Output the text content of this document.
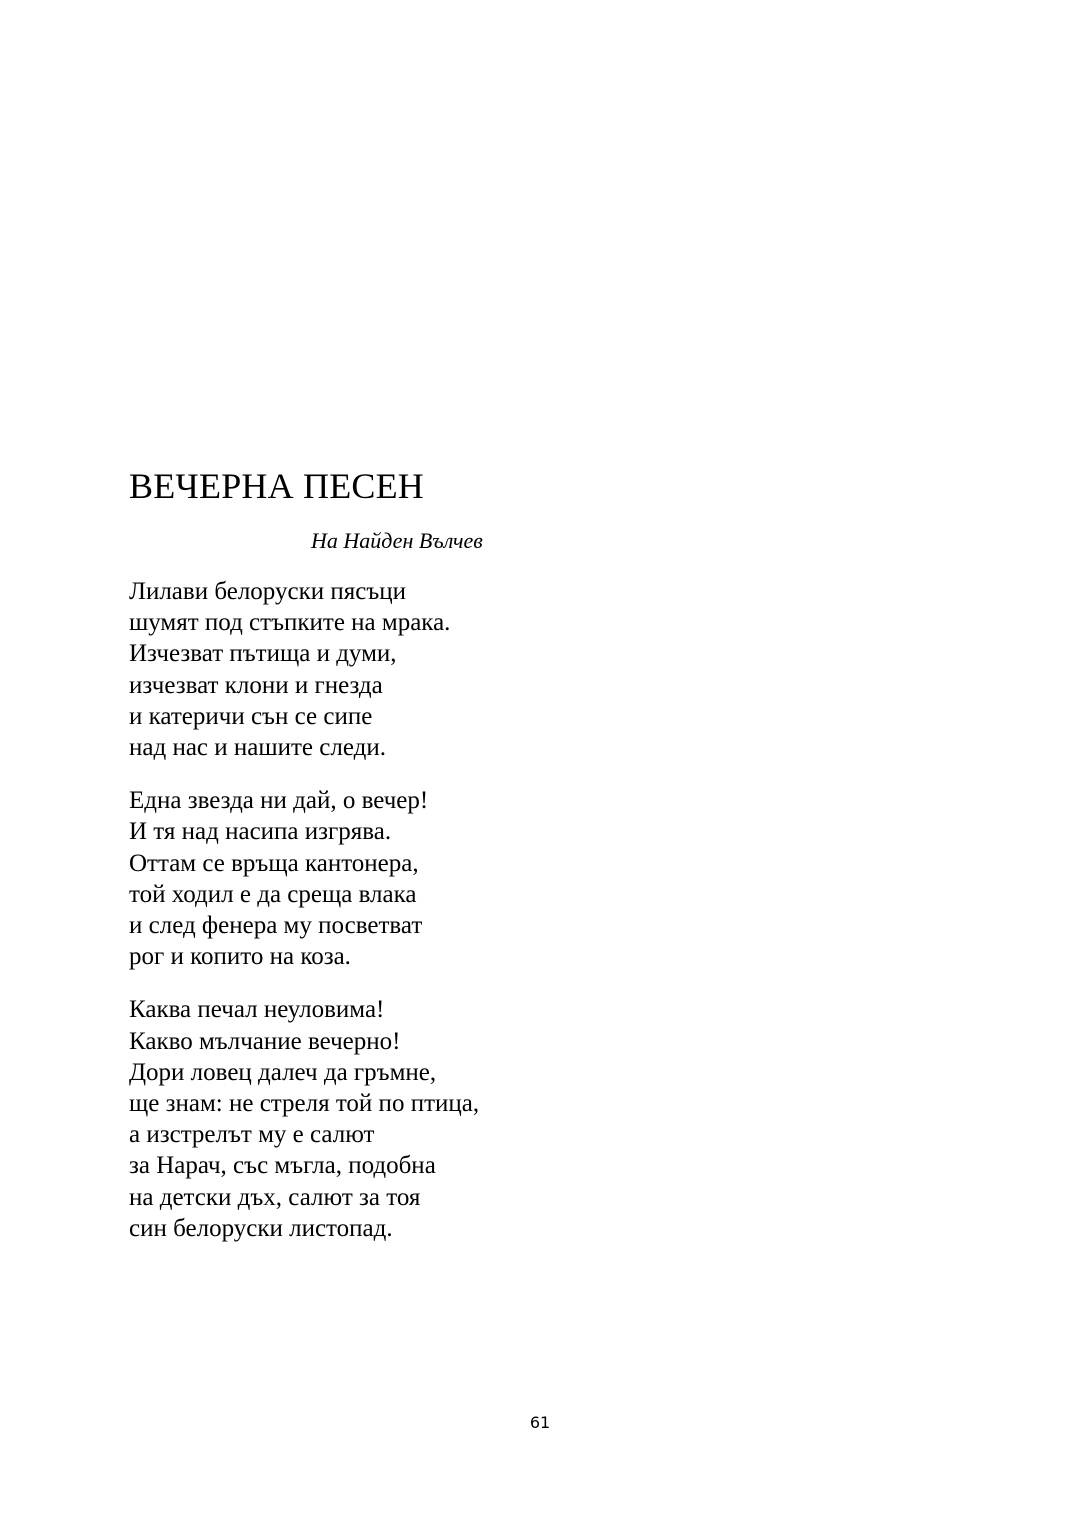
ВЕЧЕРНА ПЕСЕН
На Найден Вълчев
Лилави белоруски пясъци
шумят под стъпките на мрака.
Изчезват пътища и думи,
изчезват клони и гнезда
и катеричи сън се сипе
над нас и нашите следи.
Една звезда ни дай, о вечер!
И тя над насипа изгрява.
Оттам се връща кантонера,
той ходил е да среща влака
и след фенера му посветват
рог и копито на коза.
Каква печал неуловима!
Какво мълчание вечерно!
Дори ловец далеч да гръмне,
ще знам: не стреля той по птица,
а изстрелът му е салют
за Нарач, със мъгла, подобна
на детски дъх, салют за тоя
син белоруски листопад.
61
